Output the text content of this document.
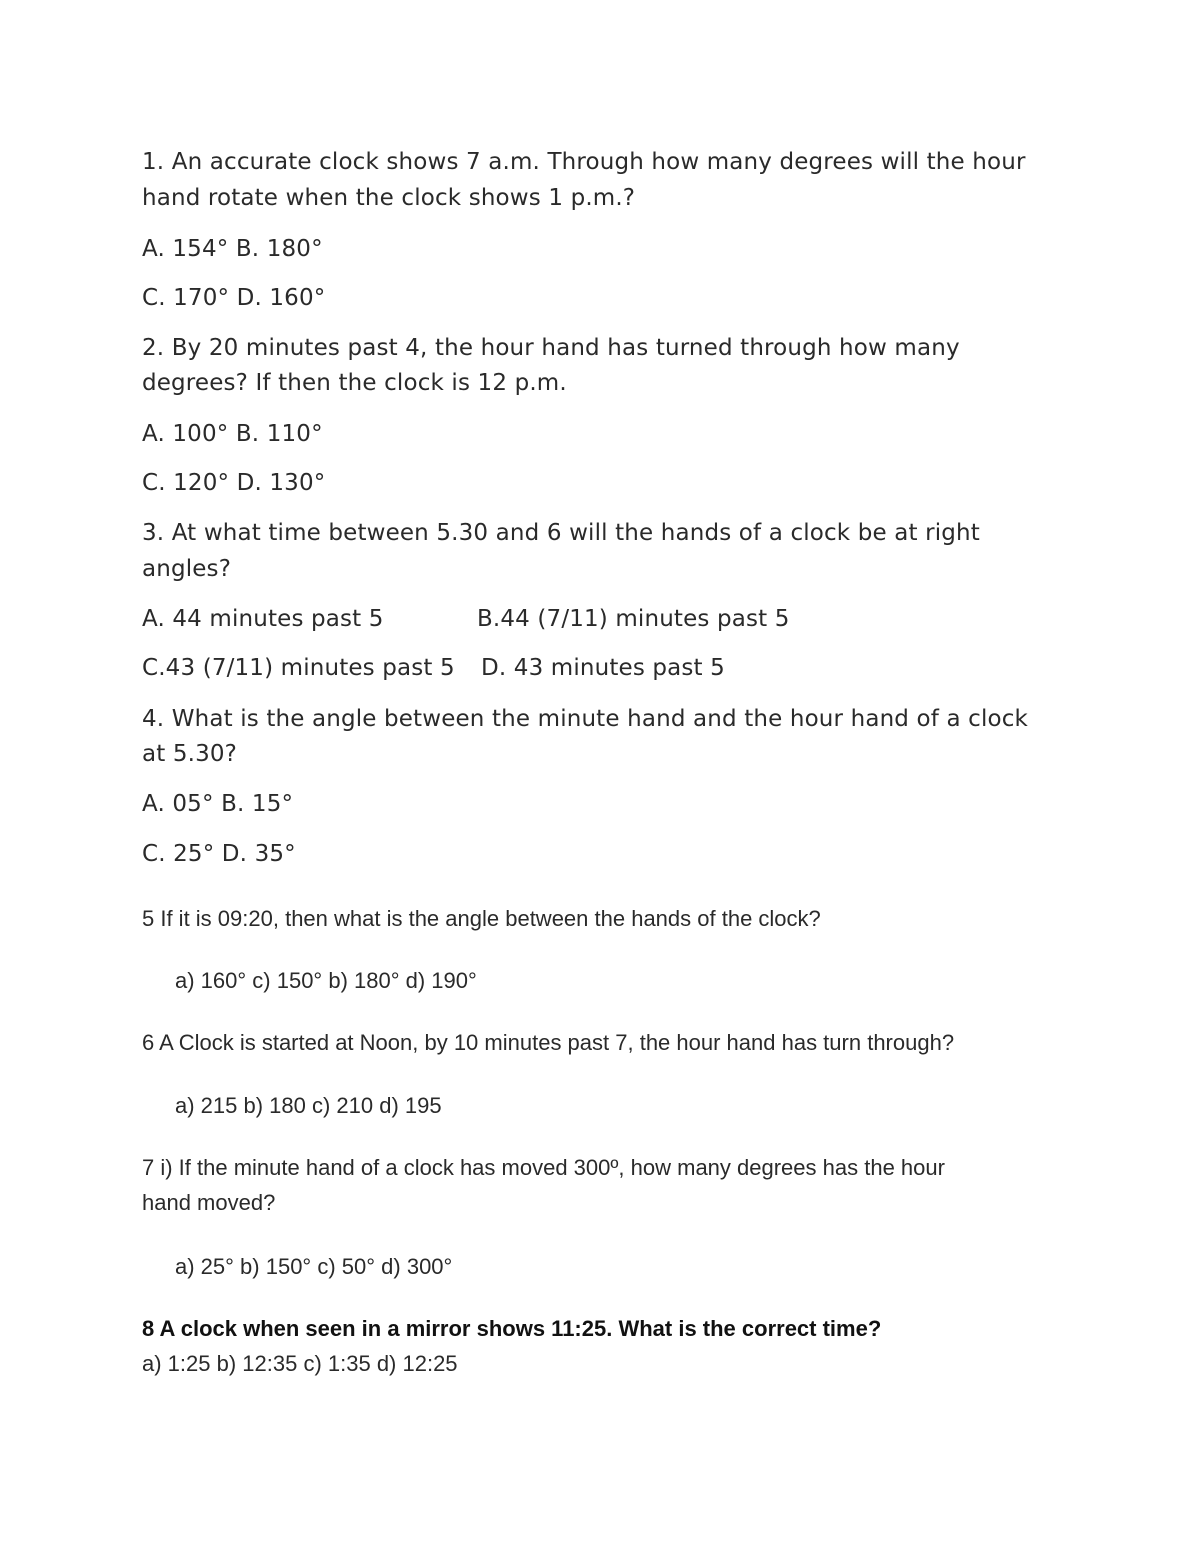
1. An accurate clock shows 7 a.m. Through how many degrees will the hour
hand rotate when the clock shows 1 p.m.?
A. 154° B. 180°
C. 170° D. 160°
2. By 20 minutes past 4, the hour hand has turned through how many
degrees? If then the clock is 12 p.m.
A. 100° B. 110°
C. 120° D. 130°
3. At what time between 5.30 and 6 will the hands of a clock be at right
angles?
A. 44 minutes past 5	B.44 (7/11) minutes past 5
C.43 (7/11) minutes past 5 D. 43 minutes past 5
4. What is the angle between the minute hand and the hour hand of a clock
at 5.30?
A. 05° B. 15°
C. 25° D. 35°
5 If it is 09:20, then what is the angle between the hands of the clock?
a) 160° c) 150° b) 180° d) 190°
6 A Clock is started at Noon, by 10 minutes past 7, the hour hand has turn through?
a) 215 b) 180 c) 210 d) 195
7 i) If the minute hand of a clock has moved 300º, how many degrees has the hour
hand moved?
a) 25° b) 150° c) 50° d) 300°
8 A clock when seen in a mirror shows 11:25. What is the correct time?
a) 1:25 b) 12:35 c) 1:35 d) 12:25
